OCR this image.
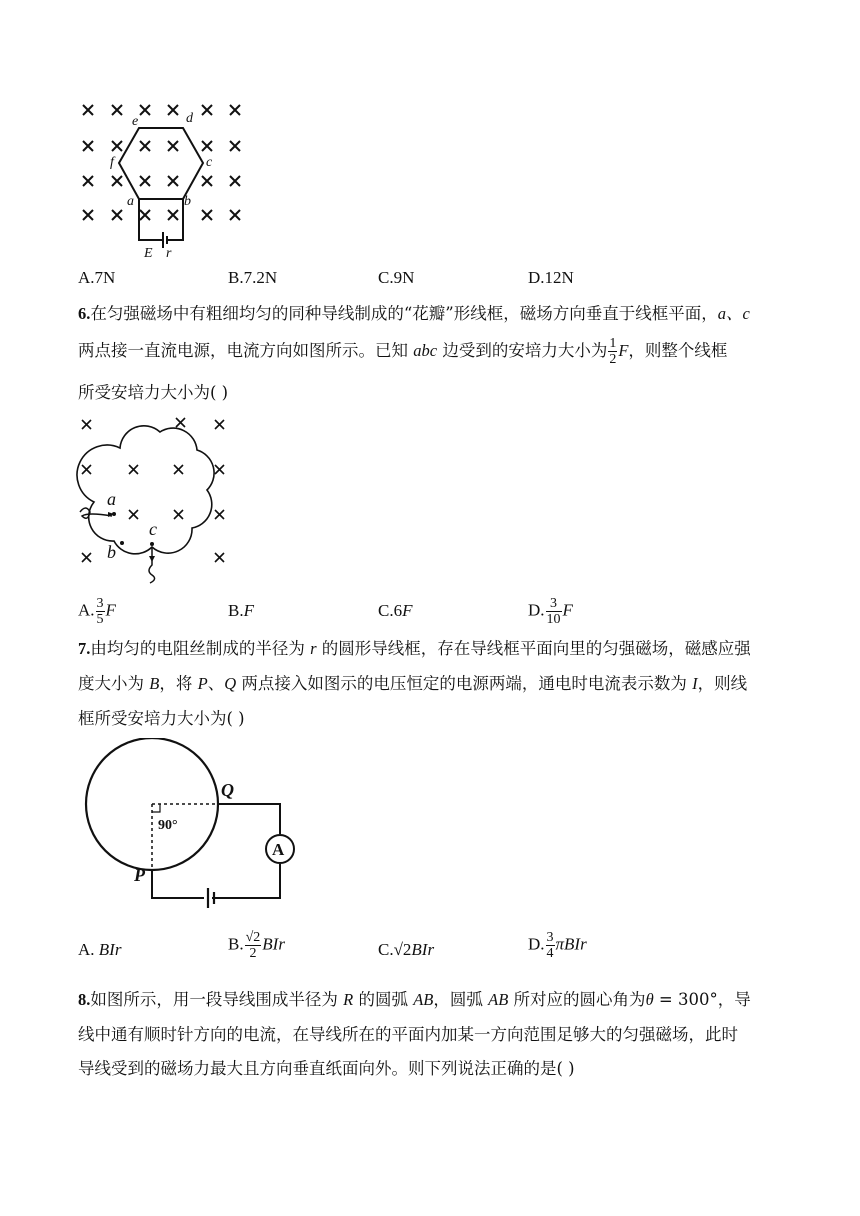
e	d
f	c
a	b
E r
A.7N	B.7.2N	C.9N	D.12N
6.在匀强磁场中有粗细均匀的同种导线制成的“花瓣”形线框，磁场方向垂直于线框平面，a、c
两点接一直流电源，电流方向如图所示。已知 abc 边受到的安培力大小为 $\frac{1}{2}$ F，则整个线框
所受安培力大小为( )
a
b
c
A. $\frac{3}{5}$ F	B.F	C.6F	D. $\frac{3}{10}$ F
7.由均匀的电阻丝制成的半径为 r 的圆形导线框，存在导线框平面向里的匀强磁场，磁感应强
度大小为 B，将 P、Q 两点接入如图示的电压恒定的电源两端，通电时电流表示数为 I，则线
框所受安培力大小为( )
A
90°
Q
P
A. BIr	B. $\frac{√2}{2}$ BIr	C.√2BIr	D. $\frac{3}{4}$ πBIr
8.如图所示，用一段导线围成半径为 R 的圆弧 AB，圆弧 AB 所对应的圆心角为θ = 300°，导
线中通有顺时针方向的电流，在导线所在的平面内加某一方向范围足够大的匀强磁场，此时
导线受到的磁场力最大且方向垂直纸面向外。则下列说法正确的是( )
